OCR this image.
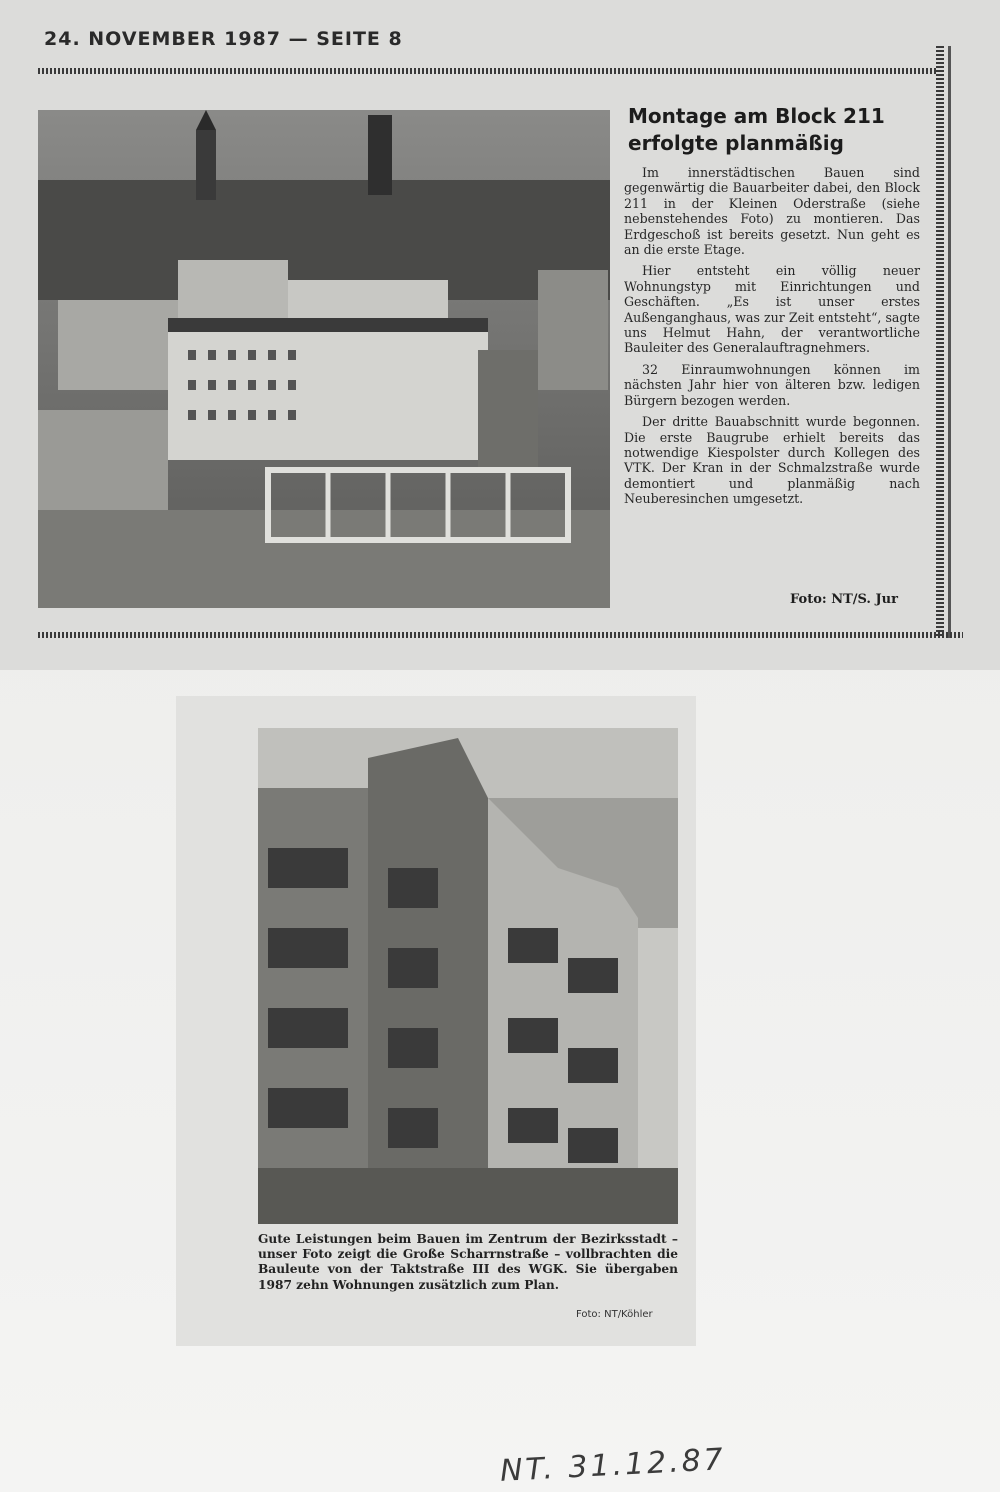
24. NOVEMBER 1987 — SEITE 8
Montage am Block 211
erfolgte planmäßig

Im innerstädtischen Bauen sind gegenwärtig die Bauarbeiter dabei, den Block 211 in der Kleinen Oderstraße (siehe nebenstehendes Foto) zu montieren. Das Erdgeschoß ist bereits gesetzt. Nun geht es an die erste Etage.

Hier entsteht ein völlig neuer Wohnungstyp mit Einrichtungen und Geschäften. „Es ist unser erstes Außenganghaus, was zur Zeit entsteht“, sagte uns Helmut Hahn, der verantwortliche Bauleiter des Generalauftragnehmers.

32 Einraumwohnungen können im nächsten Jahr hier von älteren bzw. ledigen Bürgern bezogen werden.

Der dritte Bauabschnitt wurde begonnen. Die erste Baugrube erhielt bereits das notwendige Kiespolster durch Kollegen des VTK. Der Kran in der Schmalzstraße wurde demontiert und planmäßig nach Neuberesinchen umgesetzt.

Foto: NT/S. Jur
Gute Leistungen beim Bauen im Zentrum der Bezirksstadt – unser Foto zeigt die Große Scharrnstraße – vollbrachten die Bauleute von der Taktstraße III des WGK. Sie übergaben 1987 zehn Wohnungen zusätzlich zum Plan.
Foto: NT/Köhler
NT. 31.12.87
